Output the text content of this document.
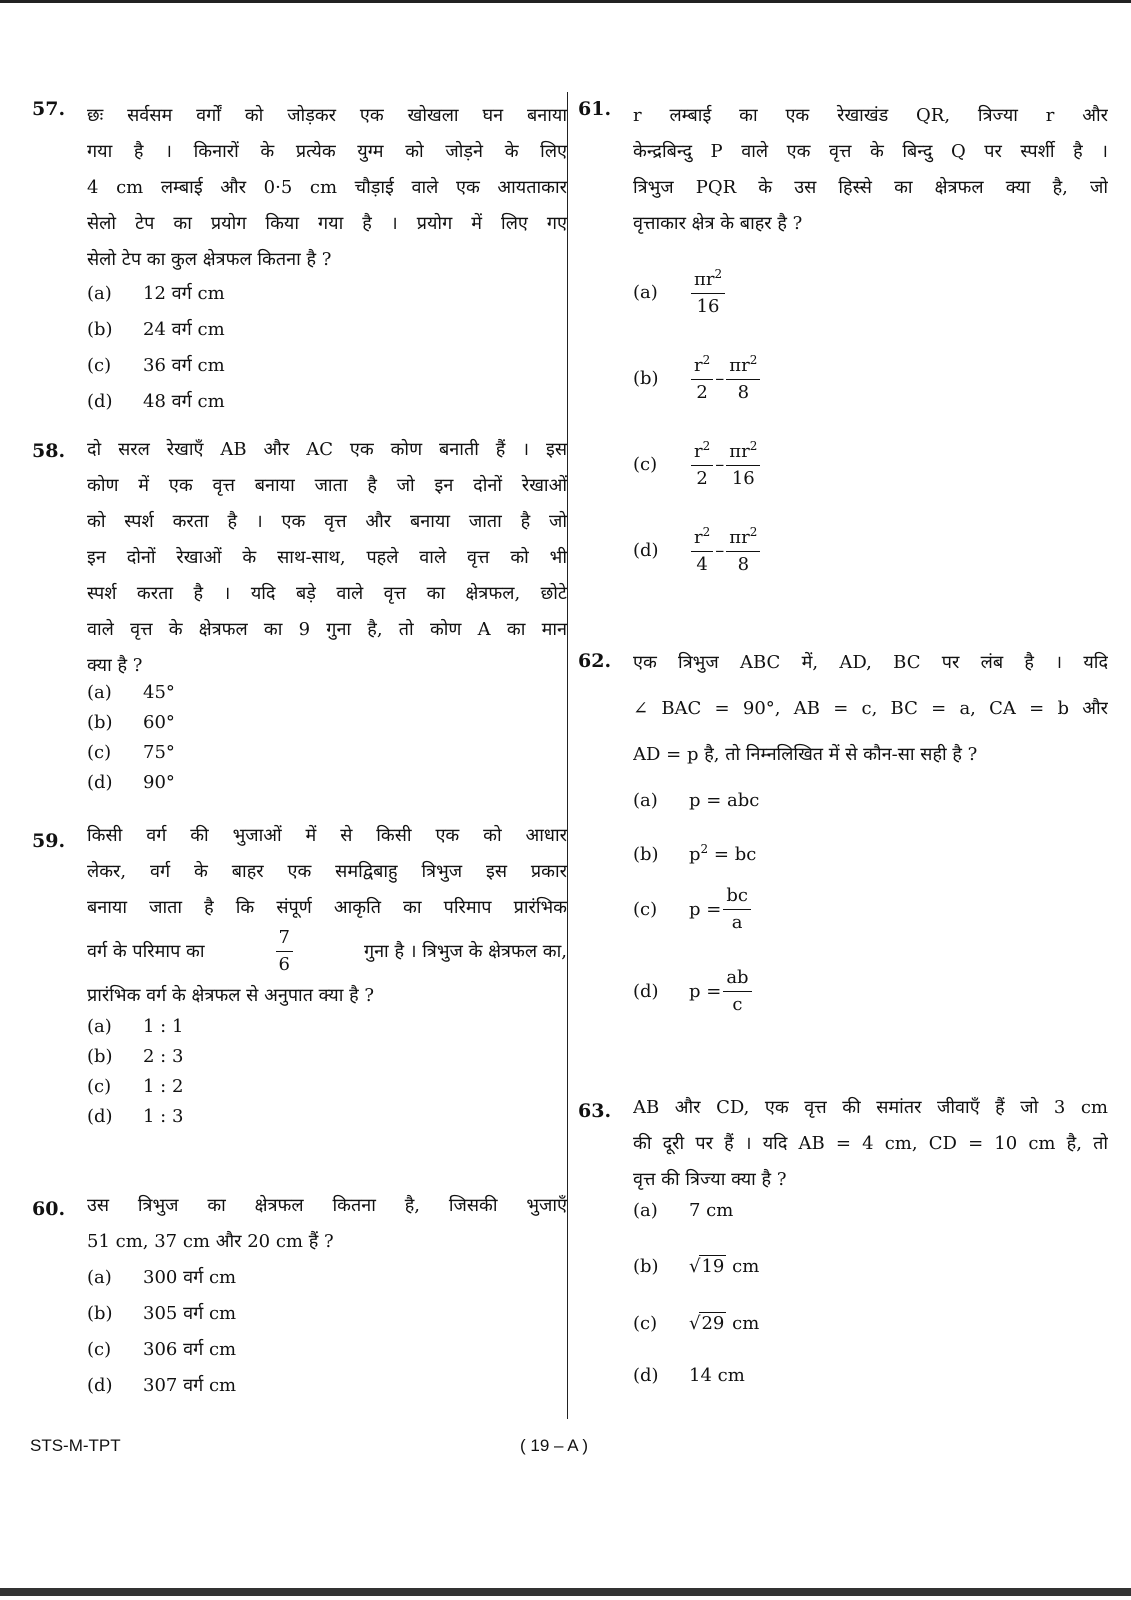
57. छः सर्वसम वर्गों को जोड़कर एक खोखला घन बनाया
गया है । किनारों के प्रत्येक युग्म को जोड़ने के लिए
4 cm लम्बाई और 0·5 cm चौड़ाई वाले एक आयताकार
सेलो टेप का प्रयोग किया गया है । प्रयोग में लिए गए
सेलो टेप का कुल क्षेत्रफल कितना है ?
(a) 12 वर्ग cm
(b) 24 वर्ग cm
(c) 36 वर्ग cm
(d) 48 वर्ग cm
58. दो सरल रेखाएँ AB और AC एक कोण बनाती हैं । इस
कोण में एक वृत्त बनाया जाता है जो इन दोनों रेखाओं
को स्पर्श करता है । एक वृत्त और बनाया जाता है जो
इन दोनों रेखाओं के साथ-साथ, पहले वाले वृत्त को भी
स्पर्श करता है । यदि बड़े वाले वृत्त का क्षेत्रफल, छोटे
वाले वृत्त के क्षेत्रफल का 9 गुना है, तो कोण A का मान
क्या है ?
(a) 45°
(b) 60°
(c) 75°
(d) 90°
59. किसी वर्ग की भुजाओं में से किसी एक को आधार
लेकर, वर्ग के बाहर एक समद्विबाहु त्रिभुज इस प्रकार
बनाया जाता है कि संपूर्ण आकृति का परिमाप प्रारंभिक
वर्ग के परिमाप का	$\frac{7}{6}$	गुना है । त्रिभुज के क्षेत्रफल का,
प्रारंभिक वर्ग के क्षेत्रफल से अनुपात क्या है ?
(a) 1 : 1
(b) 2 : 3
(c) 1 : 2
(d) 1 : 3
60. उस त्रिभुज का क्षेत्रफल कितना है, जिसकी भुजाएँ
51 cm, 37 cm और 20 cm हैं ?
(a) 300 वर्ग cm
(b) 305 वर्ग cm
(c) 306 वर्ग cm
(d) 307 वर्ग cm
61. r लम्बाई का एक रेखाखंड QR, त्रिज्या r और
केन्द्रबिन्दु P वाले एक वृत्त के बिन्दु Q पर स्पर्शी है ।
त्रिभुज PQR के उस हिस्से का क्षेत्रफल क्या है, जो
वृत्ताकार क्षेत्र के बाहर है ?
(a)	$\frac{\pi r^2}{16}$
(b)	$\frac{r^2}{2} - \frac{\pi r^2}{8}$
(c)	$\frac{r^2}{2} - \frac{\pi r^2}{16}$
(d)	$\frac{r^2}{4} - \frac{\pi r^2}{8}$
62. एक त्रिभुज ABC में, AD, BC पर लंब है । यदि
∠ BAC = 90°, AB = c, BC = a, CA = b और
AD = p है, तो निम्नलिखित में से कौन-सा सही है ?
(a) p = abc
(b) $p^2$ = bc
(c)	$p = \frac{bc}{a}$
(d)	$p = \frac{ab}{c}$
63. AB और CD, एक वृत्त की समांतर जीवाएँ हैं जो 3 cm
की दूरी पर हैं । यदि AB = 4 cm, CD = 10 cm है, तो
वृत्त की त्रिज्या क्या है ?
(a) 7 cm
(b) √19 cm
(c) √29 cm
(d) 14 cm
STS-M-TPT	( 19 – A )
